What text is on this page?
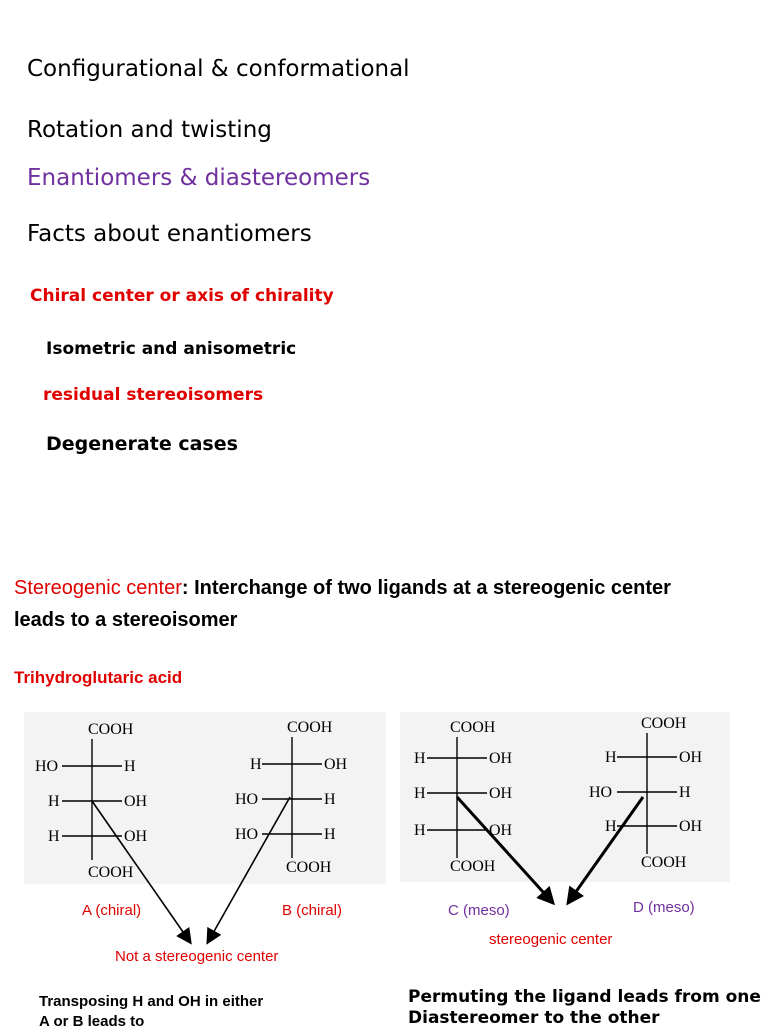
Configurational & conformational
Rotation and twisting
Enantiomers & diastereomers
Facts about enantiomers
Chiral center or axis of chirality
Isometric and anisometric
residual stereoisomers
Degenerate cases
Stereogenic center: Interchange of two ligands at a stereogenic center
leads to a stereoisomer
Trihydroglutaric acid
COOH
HO	H
H	OH
H	OH
COOH
COOH
H	OH
HO	H
HO	H
COOH
COOH
H	OH
H	OH
H	OH
COOH
COOH
H	OH
HO	H
H	OH
COOH
A (chiral)	B (chiral)	C (meso)	D (meso)
Not a stereogenic center
stereogenic center
Transposing H and OH in either
A or B leads to
Permuting the ligand leads from one
Diastereomer to the other
